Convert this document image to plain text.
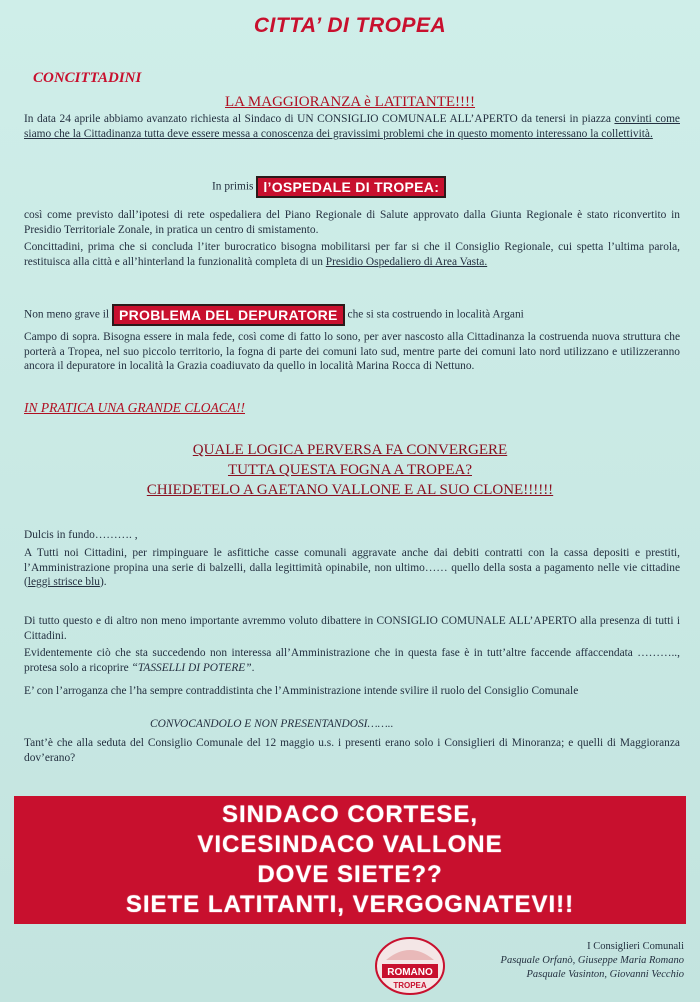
CITTA’ DI TROPEA
CONCITTADINI
LA MAGGIORANZA è LATITANTE!!!!
In data 24 aprile abbiamo avanzato richiesta al Sindaco di UN CONSIGLIO COMUNALE ALL’APERTO da tenersi in piazza convinti come siamo che la Cittadinanza tutta deve essere messa a conoscenza dei gravissimi problemi che in questo momento interessano la collettività.
In primis l’OSPEDALE DI TROPEA:
così come previsto dall’ipotesi di rete ospedaliera del Piano Regionale di Salute approvato dalla Giunta Regionale è stato riconvertito in Presidio Territoriale Zonale, in pratica un centro di smistamento.
Concittadini, prima che si concluda l’iter burocratico bisogna mobilitarsi per far si che il Consiglio Regionale, cui spetta l’ultima parola, restituisca alla città e all’hinterland la funzionalità completa di un Presidio Ospedaliero di Area Vasta.
Non meno grave il PROBLEMA DEL DEPURATORE che si sta costruendo in località Argani
Campo di sopra. Bisogna essere in mala fede, così come di fatto lo sono, per aver nascosto alla Cittadinanza la costruenda nuova struttura che porterà a Tropea, nel suo piccolo territorio, la fogna di parte dei comuni lato sud, mentre parte dei comuni lato nord utilizzano e utilizzeranno ancora il depuratore in località la Grazia coadiuvato da quello in località Marina Rocca di Nettuno.
IN PRATICA UNA GRANDE CLOACA!!
QUALE LOGICA PERVERSA FA CONVERGERE
TUTTA QUESTA FOGNA A TROPEA?
CHIEDETELO A GAETANO VALLONE E AL SUO CLONE!!!!!!
Dulcis in fundo………. ,
A Tutti noi Cittadini, per rimpinguare le asfittiche casse comunali aggravate anche dai debiti contratti con la cassa depositi e prestiti, l’Amministrazione propina una serie di balzelli, dalla legittimità opinabile, non ultimo…… quello della sosta a pagamento nelle vie cittadine (leggi strisce blu).
Di tutto questo e di altro non meno importante avremmo voluto dibattere in CONSIGLIO COMUNALE ALL’APERTO alla presenza di tutti i Cittadini.
Evidentemente ciò che sta succedendo non interessa all’Amministrazione che in questa fase è in tutt’altre faccende affaccendata ……….., protesa solo a ricoprire “TASSELLI DI POTERE”.
E’ con l’arroganza che l’ha sempre contraddistinta che l’Amministrazione intende svilire il ruolo del Consiglio Comunale
CONVOCANDOLO E NON PRESENTANDOSI……..
Tant’è che alla seduta del Consiglio Comunale del 12 maggio u.s. i presenti erano solo i Consiglieri di Minoranza; e quelli di Maggioranza dov’erano?
SINDACO CORTESE,
VICESINDACO VALLONE
DOVE SIETE??
SIETE LATITANTI, VERGOGNATEVI!!
ROMANO
TROPEA
I Consiglieri Comunali
Pasquale Orfanò, Giuseppe Maria Romano
Pasquale Vasinton, Giovanni Vecchio
